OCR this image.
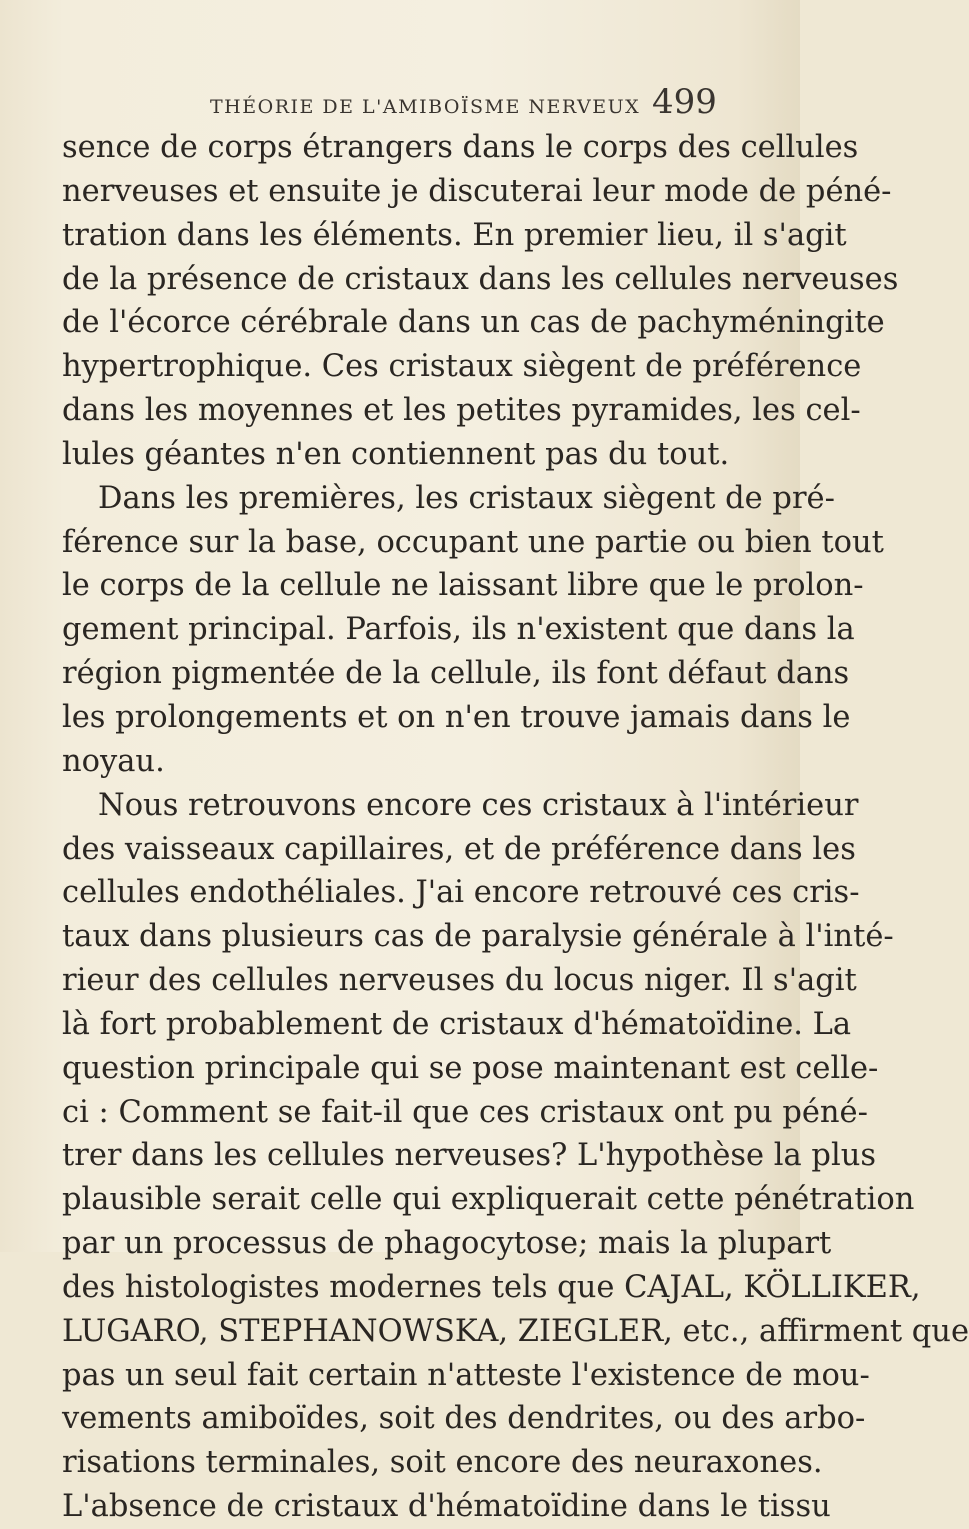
THÉORIE DE L'AMIBOÏSME NERVEUX 499
sence de corps étrangers dans le corps des cellules
nerveuses et ensuite je discuterai leur mode de péné-
tration dans les éléments. En premier lieu, il s'agit
de la présence de cristaux dans les cellules nerveuses
de l'écorce cérébrale dans un cas de pachyméningite
hypertrophique. Ces cristaux siègent de préférence
dans les moyennes et les petites pyramides, les cel-
lules géantes n'en contiennent pas du tout.
Dans les premières, les cristaux siègent de pré-
férence sur la base, occupant une partie ou bien tout
le corps de la cellule ne laissant libre que le prolon-
gement principal. Parfois, ils n'existent que dans la
région pigmentée de la cellule, ils font défaut dans
les prolongements et on n'en trouve jamais dans le
noyau.
Nous retrouvons encore ces cristaux à l'intérieur
des vaisseaux capillaires, et de préférence dans les
cellules endothéliales. J'ai encore retrouvé ces cris-
taux dans plusieurs cas de paralysie générale à l'inté-
rieur des cellules nerveuses du locus niger. Il s'agit
là fort probablement de cristaux d'hématoïdine. La
question principale qui se pose maintenant est celle-
ci : Comment se fait-il que ces cristaux ont pu péné-
trer dans les cellules nerveuses? L'hypothèse la plus
plausible serait celle qui expliquerait cette pénétration
par un processus de phagocytose; mais la plupart
des histologistes modernes tels que CAJAL, KÖLLIKER,
LUGARO, STEPHANOWSKA, ZIEGLER, etc., affirment que
pas un seul fait certain n'atteste l'existence de mou-
vements amiboïdes, soit des dendrites, ou des arbo-
risations terminales, soit encore des neuraxones.
L'absence de cristaux d'hématoïdine dans le tissu
